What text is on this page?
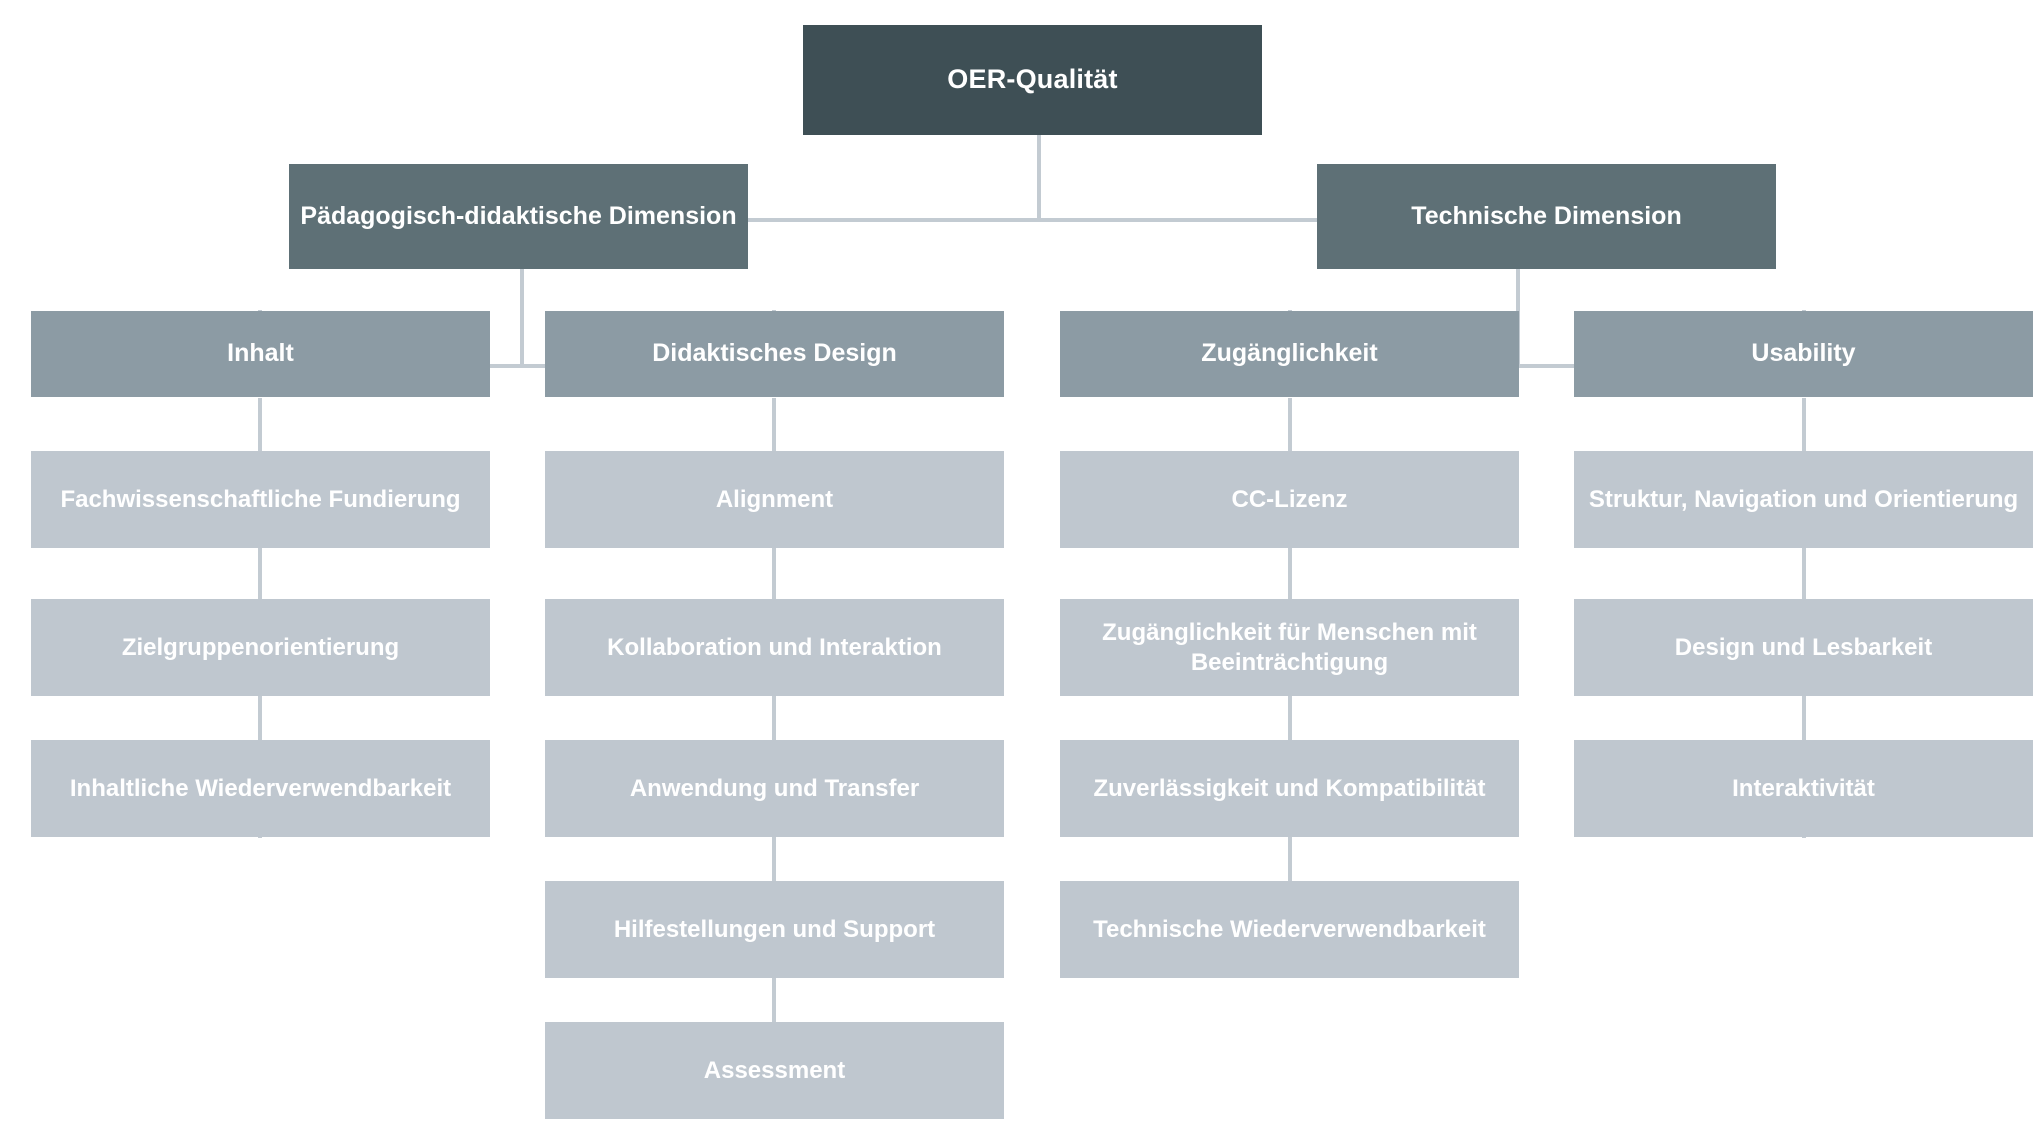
OER-Qualität
Pädagogisch-didaktische Dimension	Technische Dimension
Inhalt	Didaktisches Design	Zugänglichkeit	Usability
Fachwissenschaftliche Fundierung
Zielgruppenorientierung
Inhaltliche Wiederverwendbarkeit
Alignment
Kollaboration und Interaktion
Anwendung und Transfer
Hilfestellungen und Support
Assessment
CC-Lizenz
Zugänglichkeit für Menschen mit Beeinträchtigung
Zuverlässigkeit und Kompatibilität
Technische Wiederverwendbarkeit
Struktur, Navigation und Orientierung
Design und Lesbarkeit
Interaktivität
